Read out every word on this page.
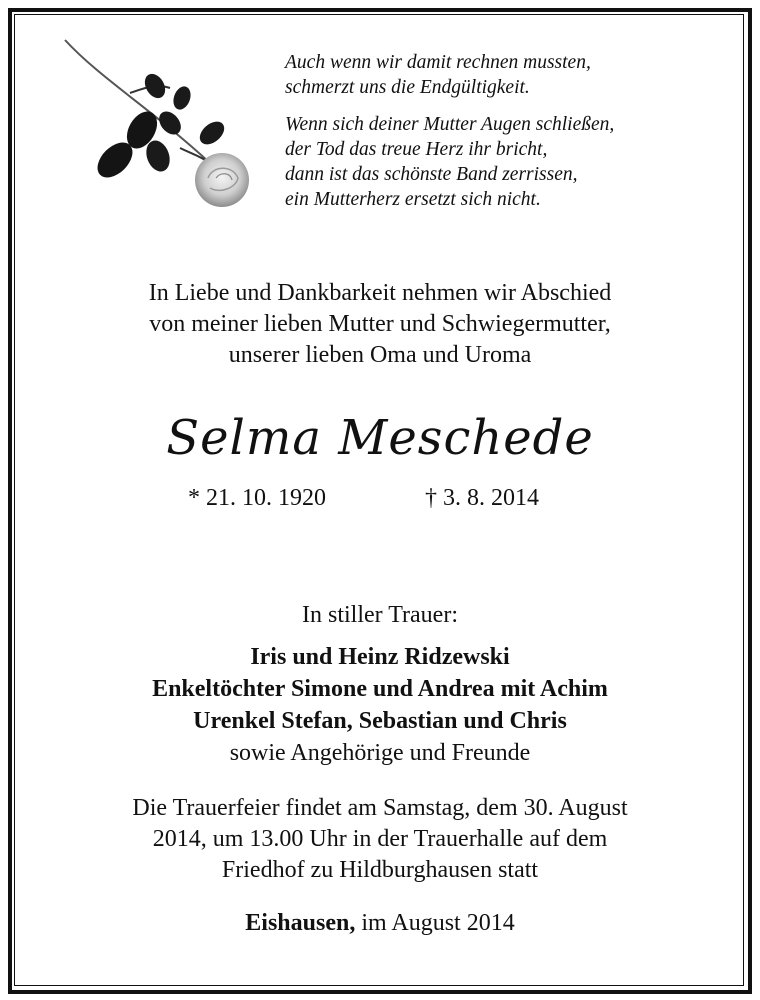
Auch wenn wir damit rechnen mussten,
schmerzt uns die Endgültigkeit.

Wenn sich deiner Mutter Augen schließen,
der Tod das treue Herz ihr bricht,
dann ist das schönste Band zerrissen,
ein Mutterherz ersetzt sich nicht.

In Liebe und Dankbarkeit nehmen wir Abschied
von meiner lieben Mutter und Schwiegermutter,
unserer lieben Oma und Uroma
Selma Meschede
* 21. 10. 1920	† 3. 8. 2014
In stiller Trauer:
Iris und Heinz Ridzewski
Enkeltöchter Simone und Andrea mit Achim
Urenkel Stefan, Sebastian und Chris
sowie Angehörige und Freunde
Die Trauerfeier findet am Samstag, dem 30. August
2014, um 13.00 Uhr in der Trauerhalle auf dem
Friedhof zu Hildburghausen statt
Eishausen, im August 2014
